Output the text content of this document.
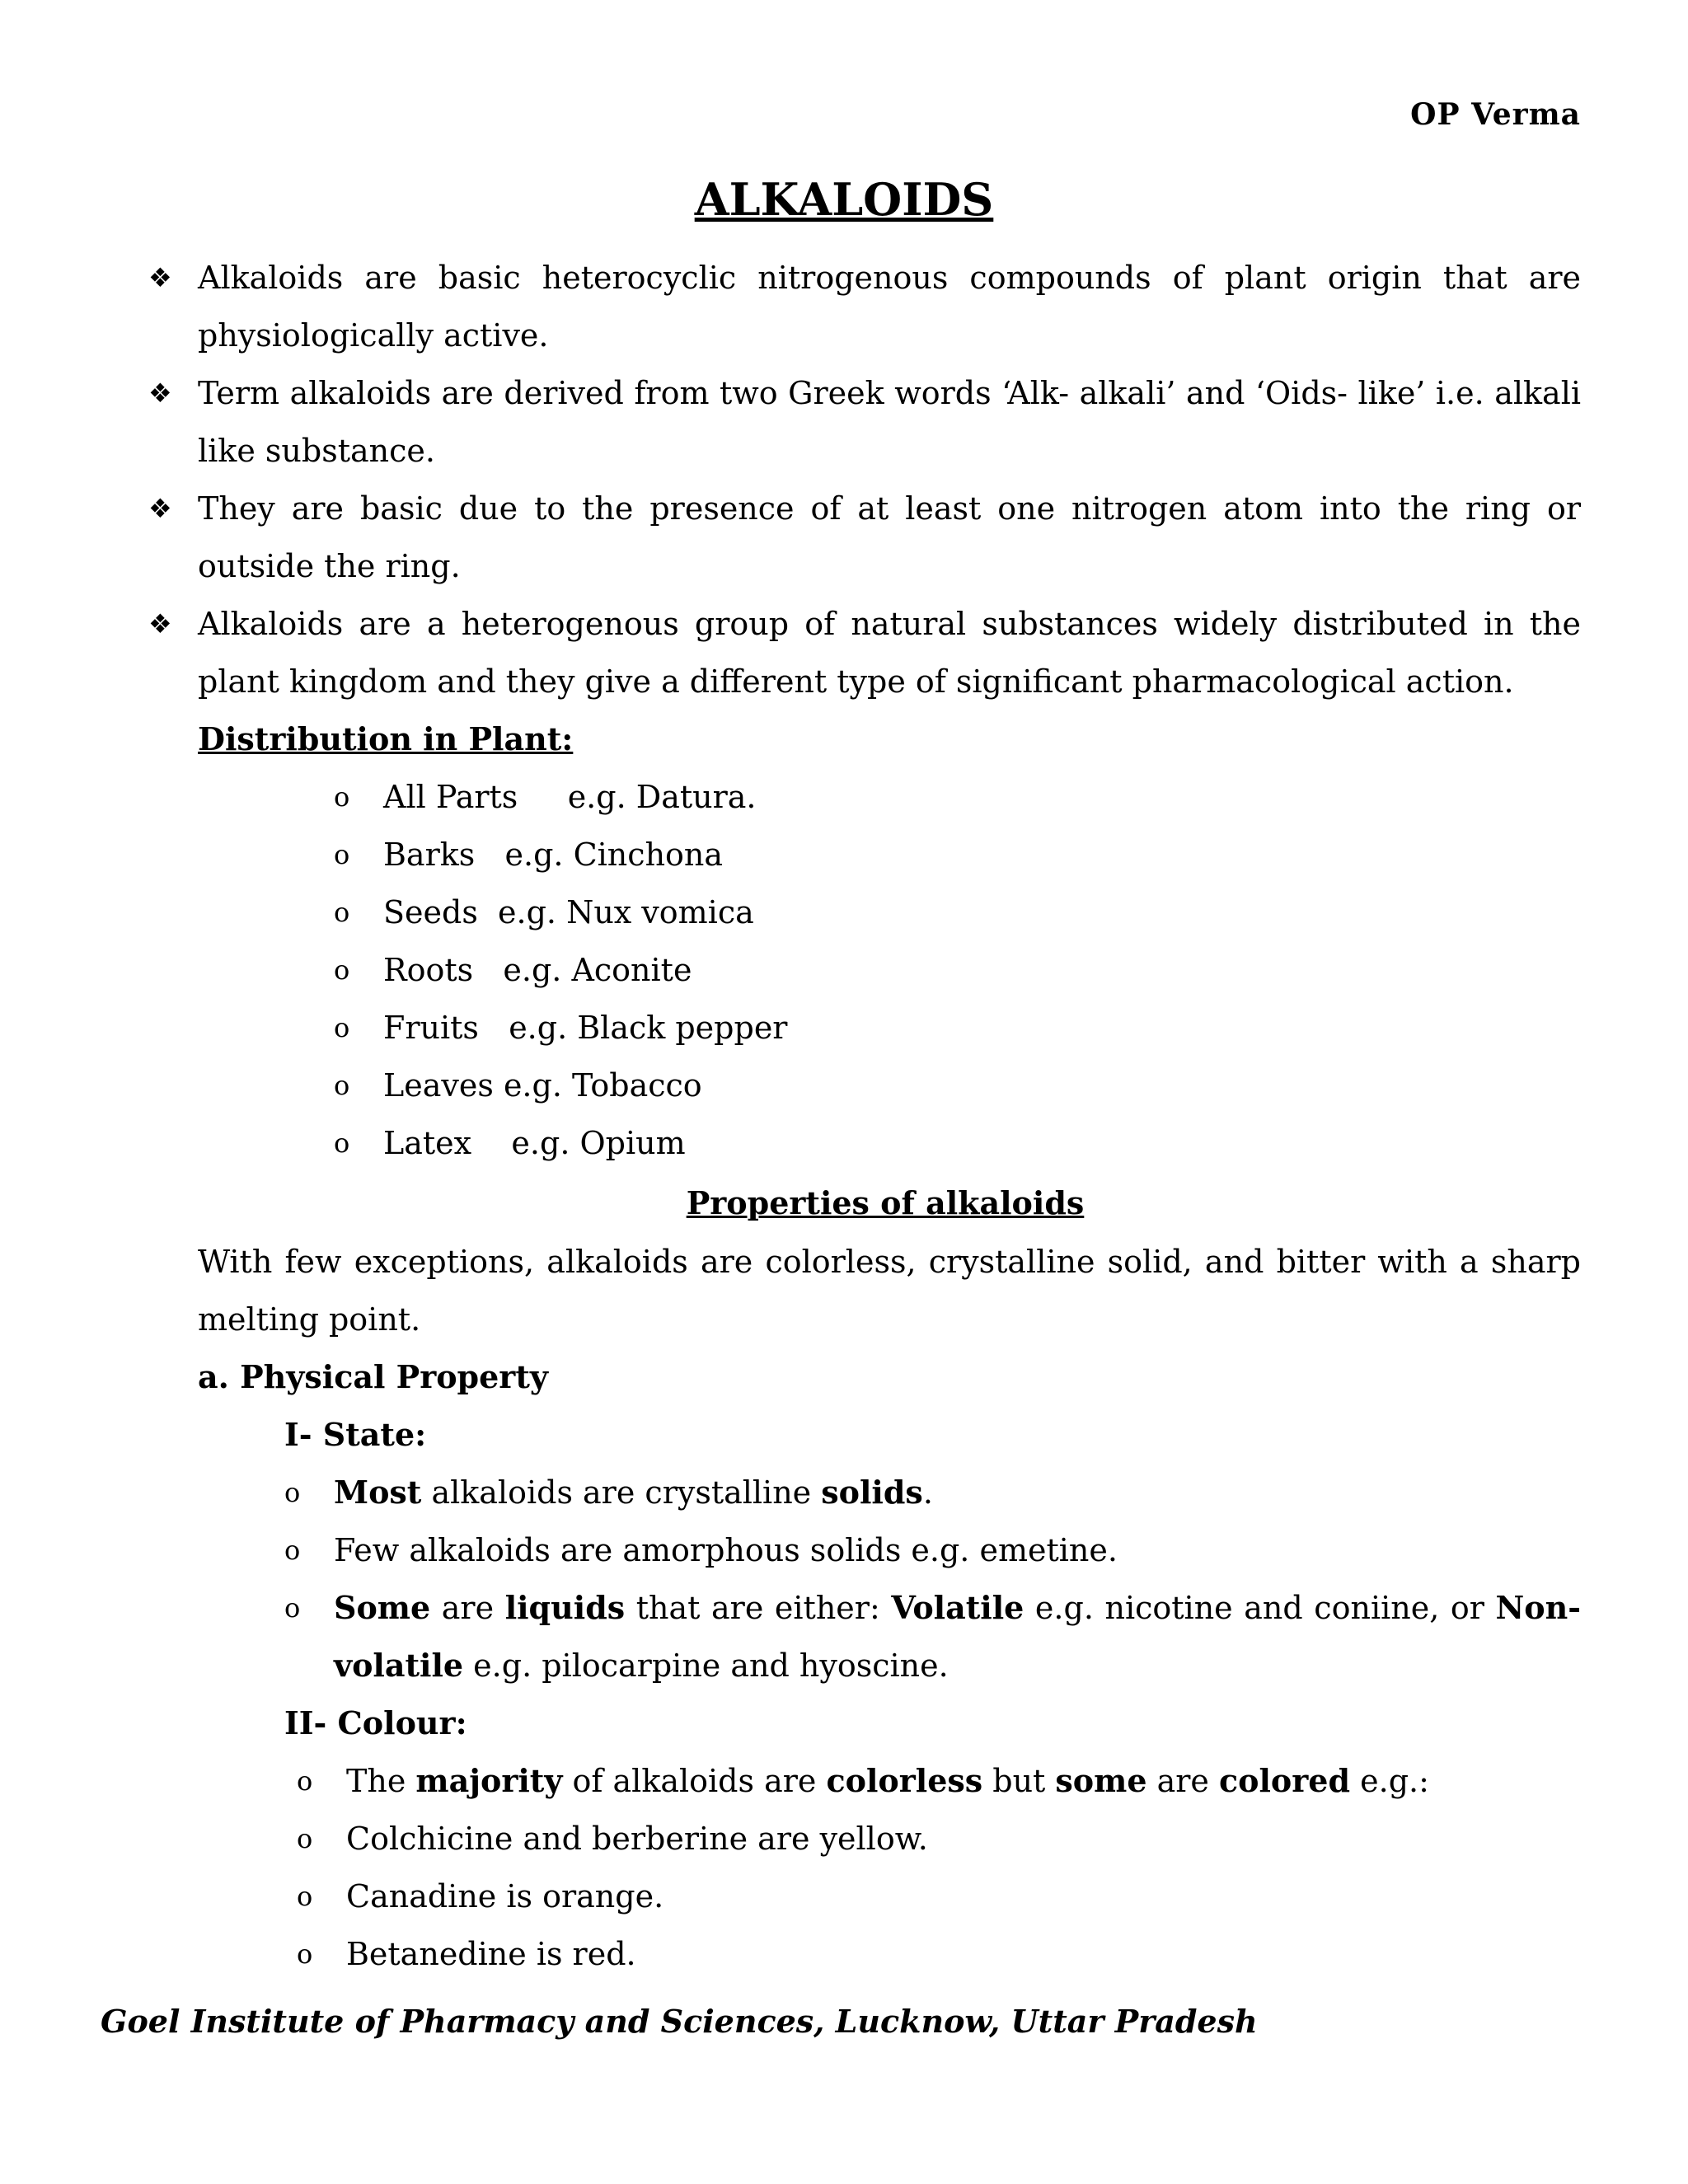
OP Verma
ALKALOIDS
❖ Alkaloids are basic heterocyclic nitrogenous compounds of plant origin that are physiologically active.
❖ Term alkaloids are derived from two Greek words ‘Alk- alkali’ and ‘Oids- like’ i.e. alkali like substance.
❖ They are basic due to the presence of at least one nitrogen atom into the ring or outside the ring.
❖ Alkaloids are a heterogenous group of natural substances widely distributed in the plant kingdom and they give a different type of significant pharmacological action.
Distribution in Plant:
o All Parts e.g. Datura.
o Barks e.g. Cinchona
o Seeds e.g. Nux vomica
o Roots e.g. Aconite
o Fruits e.g. Black pepper
o Leaves e.g. Tobacco
o Latex e.g. Opium
Properties of alkaloids
With few exceptions, alkaloids are colorless, crystalline solid, and bitter with a sharp melting point.
a. Physical Property
I- State:
o Most alkaloids are crystalline solids.
o Few alkaloids are amorphous solids e.g. emetine.
o Some are liquids that are either: Volatile e.g. nicotine and coniine, or Non-volatile e.g. pilocarpine and hyoscine.
II- Colour:
o The majority of alkaloids are colorless but some are colored e.g.:
o Colchicine and berberine are yellow.
o Canadine is orange.
o Betanedine is red.
Goel Institute of Pharmacy and Sciences, Lucknow, Uttar Pradesh
